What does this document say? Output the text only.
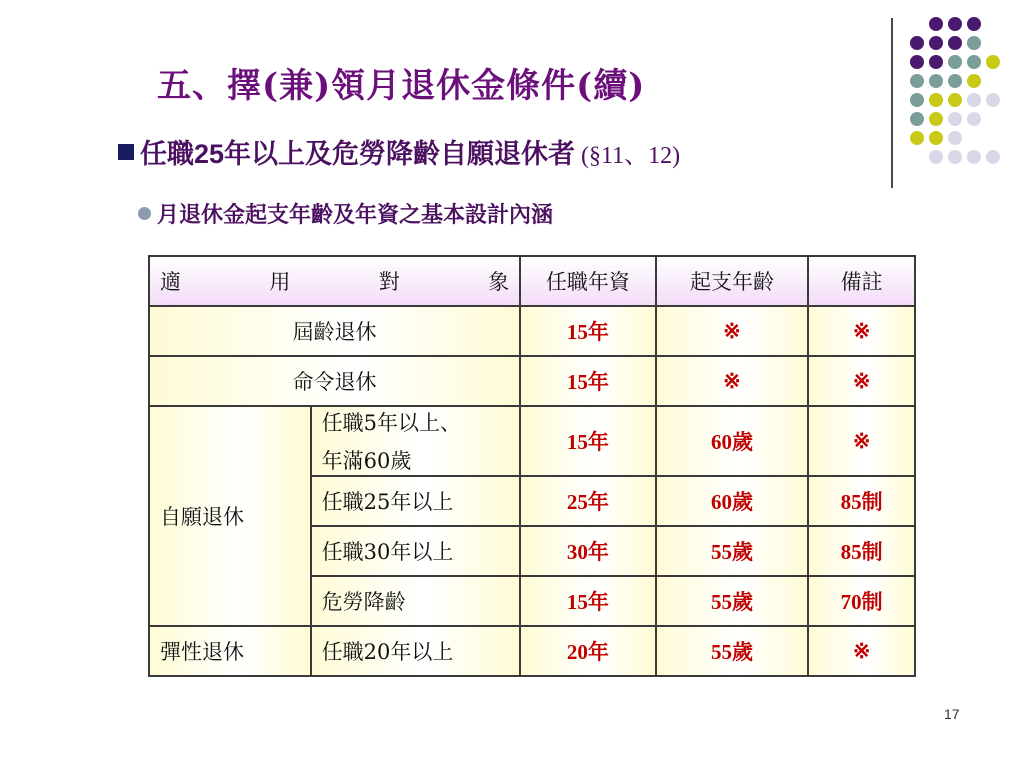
五、擇(兼)領月退休金條件(續)
任職25年以上及危勞降齡自願退休者 (§11、12)
月退休金起支年齡及年資之基本設計內涵
適 用 對 象		任職年資	起支年齡	備註
屆齡退休		15年	※	※
命令退休		15年	※	※
自願退休	任職5年以上、
年滿60歲	15年	60歲	※
	任職25年以上	25年	60歲	85制
	任職30年以上	30年	55歲	85制
	危勞降齡	15年	55歲	70制
彈性退休	任職20年以上	20年	55歲	※
17
